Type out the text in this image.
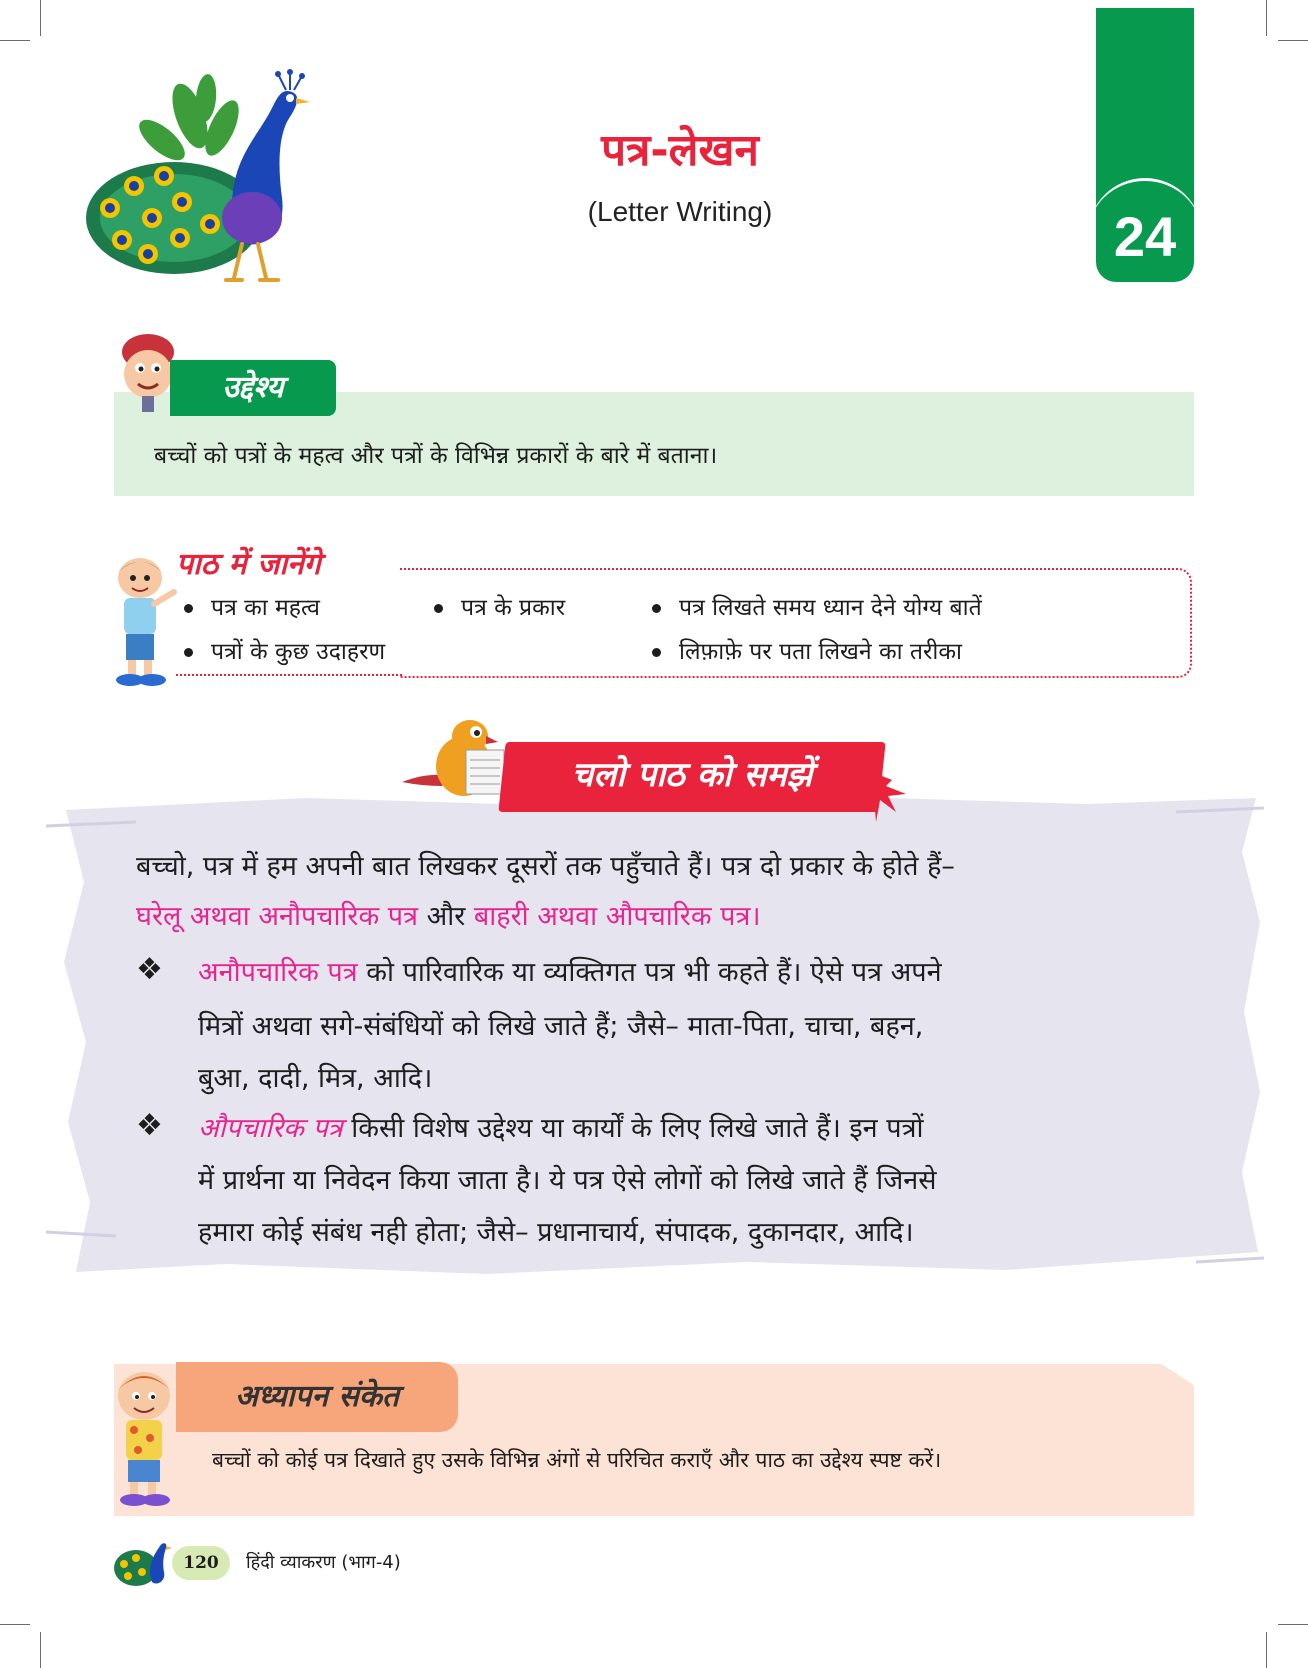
पत्र-लेखन
(Letter Writing)	24
उद्देश्य
बच्चों को पत्रों के महत्व और पत्रों के विभिन्न प्रकारों के बारे में बताना।
पाठ में जानेंगे
पत्र का महत्व	पत्र के प्रकार	पत्र लिखते समय ध्यान देने योग्य बातें
पत्रों के कुछ उदाहरण	लिफ़ाफ़े पर पता लिखने का तरीका
चलो पाठ को समझें
बच्चो, पत्र में हम अपनी बात लिखकर दूसरों तक पहुँचाते हैं। पत्र दो प्रकार के होते हैं–
घरेलू अथवा अनौपचारिक पत्र और बाहरी अथवा औपचारिक पत्र।
❖ अनौपचारिक पत्र को पारिवारिक या व्यक्तिगत पत्र भी कहते हैं। ऐसे पत्र अपने
मित्रों अथवा सगे-संबंधियों को लिखे जाते हैं; जैसे– माता-पिता, चाचा, बहन,
बुआ, दादी, मित्र, आदि।
❖ औपचारिक पत्र किसी विशेष उद्देश्य या कार्यों के लिए लिखे जाते हैं। इन पत्रों
में प्रार्थना या निवेदन किया जाता है। ये पत्र ऐसे लोगों को लिखे जाते हैं जिनसे
हमारा कोई संबंध नही होता; जैसे– प्रधानाचार्य, संपादक, दुकानदार, आदि।
अध्यापन संकेत
बच्चों को कोई पत्र दिखाते हुए उसके विभिन्न अंगों से परिचित कराएँ और पाठ का उद्देश्य स्पष्ट करें।
120	हिंदी व्याकरण (भाग-4)
